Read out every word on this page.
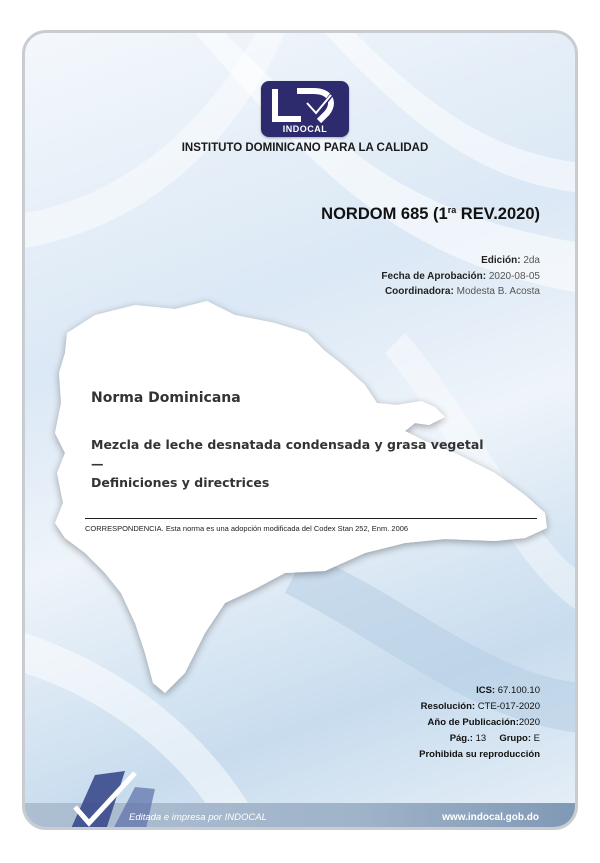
INDOCAL
INSTITUTO DOMINICANO PARA LA CALIDAD
NORDOM 685 ($1^{ra}$ REV.2020)
Edición: 2da
Fecha de Aprobación: 2020-08-05
Coordinadora: Modesta B. Acosta
Norma Dominicana
Mezcla de leche desnatada condensada y grasa vegetal—
Definiciones y directrices
CORRESPONDENCIA. Esta norma es una adopción modificada del Codex Stan 252, Enm. 2006
ICS: 67.100.10
Resolución: CTE-017-2020
Año de Publicación:2020
Pág.: 13 Grupo: E
Prohibida su reproducción
Editada e impresa por INDOCAL	www.indocal.gob.do
